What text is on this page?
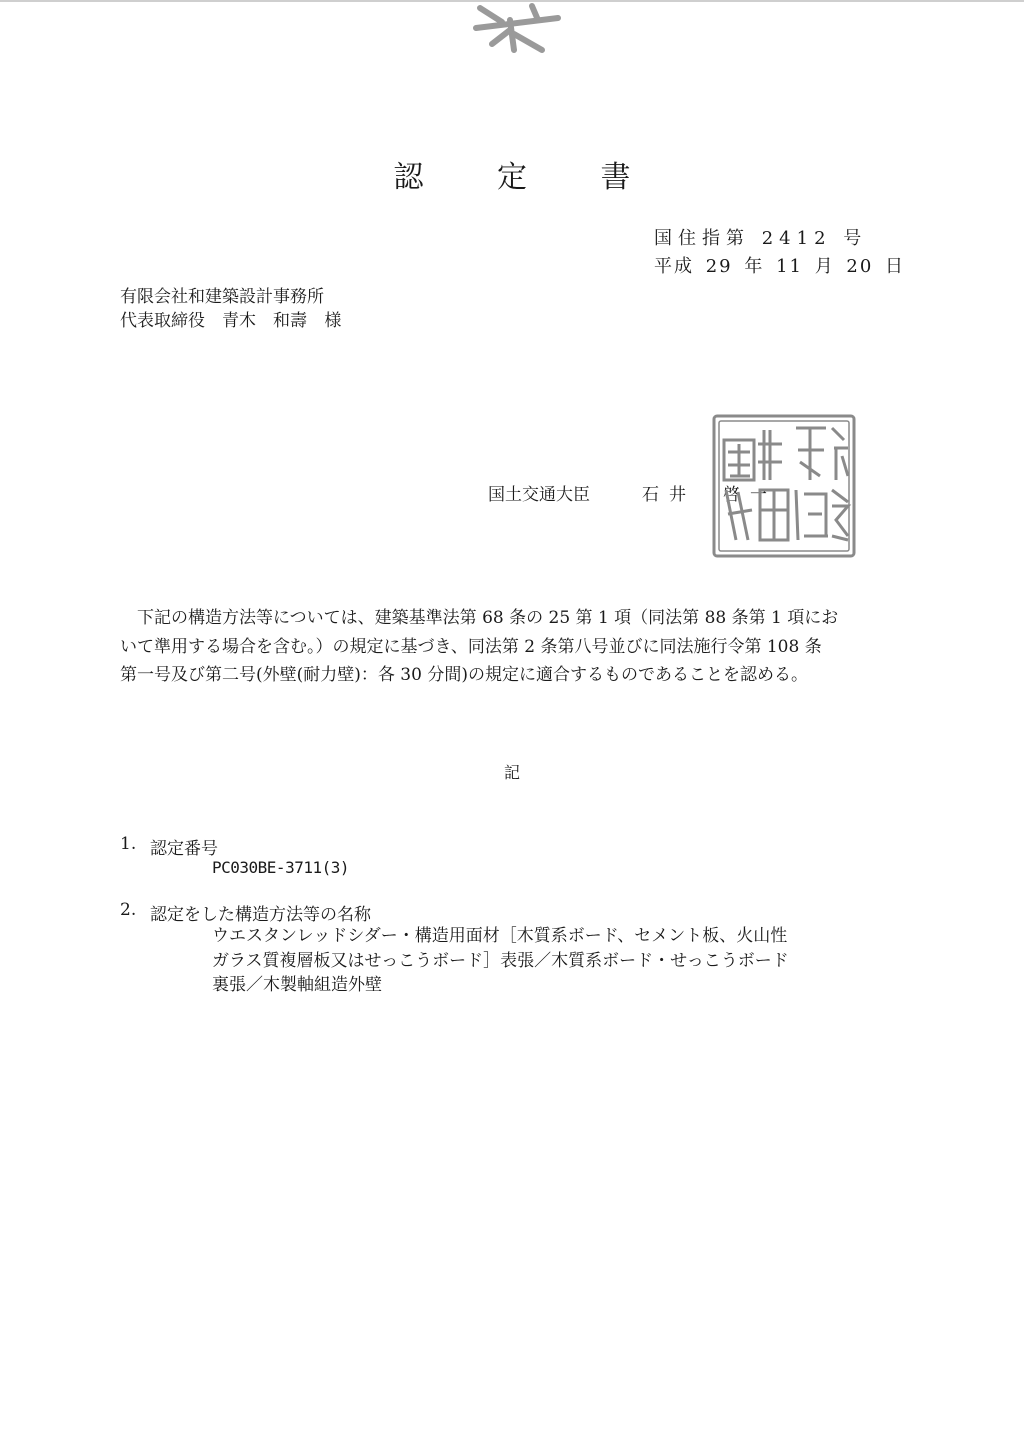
認 定 書
国住指第 2412 号
平成 29 年 11 月 20 日
有限会社和建築設計事務所
代表取締役　青木　和壽 様
国土交通大臣	石井　啓一

　下記の構造方法等については、建築基準法第 68 条の 25 第 1 項（同法第 88 条第 1 項にお

いて準用する場合を含む。）の規定に基づき、同法第 2 条第八号並びに同法施行令第 108 条

第一号及び第二号(外壁(耐力壁)：各 30 分間)の規定に適合するものであることを認める。

記
1. 認定番号
PC030BE-3711(3)
2. 認定をした構造方法等の名称
ウエスタンレッドシダー・構造用面材［木質系ボード、セメント板、火山性
ガラス質複層板又はせっこうボード］表張／木質系ボード・せっこうボード
裏張／木製軸組造外壁
